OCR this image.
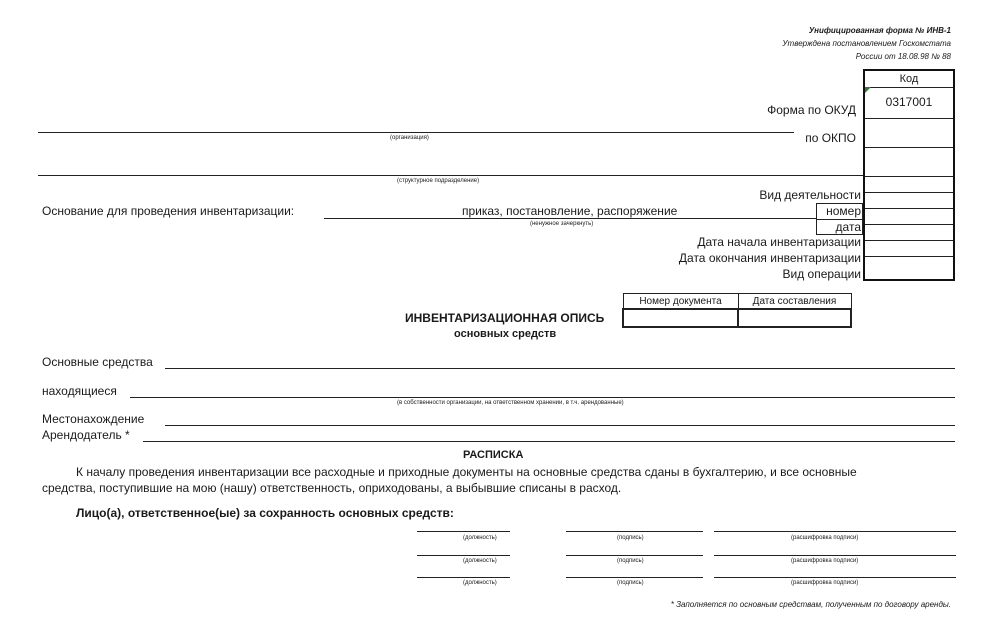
Унифицированная форма № ИНВ-1
Утверждена постановлением Госкомстата
России от 18.08.98 № 88
Код
0317001
Форма по ОКУД
по ОКПО
Вид деятельности
номер
дата
Дата начала инвентаризации
Дата окончания инвентаризации
Вид операции
(организация)
(структурное подразделение)
Основание для проведения инвентаризации:	приказ, постановление, распоряжение
(ненужное зачеркнуть)
Номер документа	Дата составления

ИНВЕНТАРИЗАЦИОННАЯ ОПИСЬ
основных средств
Основные средства
находящиеся
(в собственности организации, на ответственном хранении, в т.ч. арендованные)
Местонахождение
Арендодатель *
РАСПИСКА
К началу проведения инвентаризации все расходные и приходные документы на основные средства сданы в бухгалтерию, и все основные
средства, поступившие на мою (нашу) ответственность, оприходованы, а выбывшие списаны в расход.
Лицо(а), ответственное(ые) за сохранность основных средств:
(должность)	(подпись)	(расшифровка подписи)
(должность)	(подпись)	(расшифровка подписи)
(должность)	(подпись)	(расшифровка подписи)
* Заполняется по основным средствам, полученным по договору аренды.
